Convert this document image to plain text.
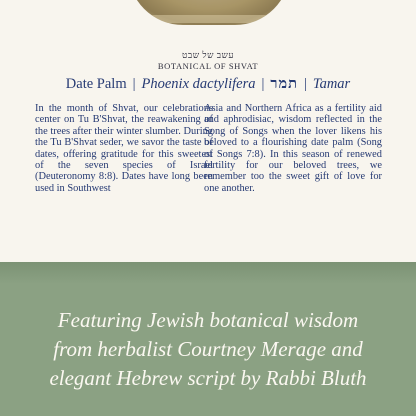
עשב של שבט
BOTANICAL OF SHVAT
Date Palm | Phoenix dactylifera | תמר | Tamar
In the month of Shvat, our celebrations center on Tu B'Shvat, the reawakening of the trees after their winter slumber. During the Tu B'Shvat seder, we savor the taste of dates, offering gratitude for this sweetest of the seven species of Israel (Deuteronomy 8:8). Dates have long been used in Southwest
Asia and Northern Africa as a fertility aid and aphrodisiac, wisdom reflected in the Song of Songs when the lover likens his beloved to a flourishing date palm (Song of Songs 7:8). In this season of renewed fertility for our beloved trees, we remember too the sweet gift of love for one another.
Featuring Jewish botanical wisdom
from herbalist Courtney Merage and
elegant Hebrew script by Rabbi Bluth
